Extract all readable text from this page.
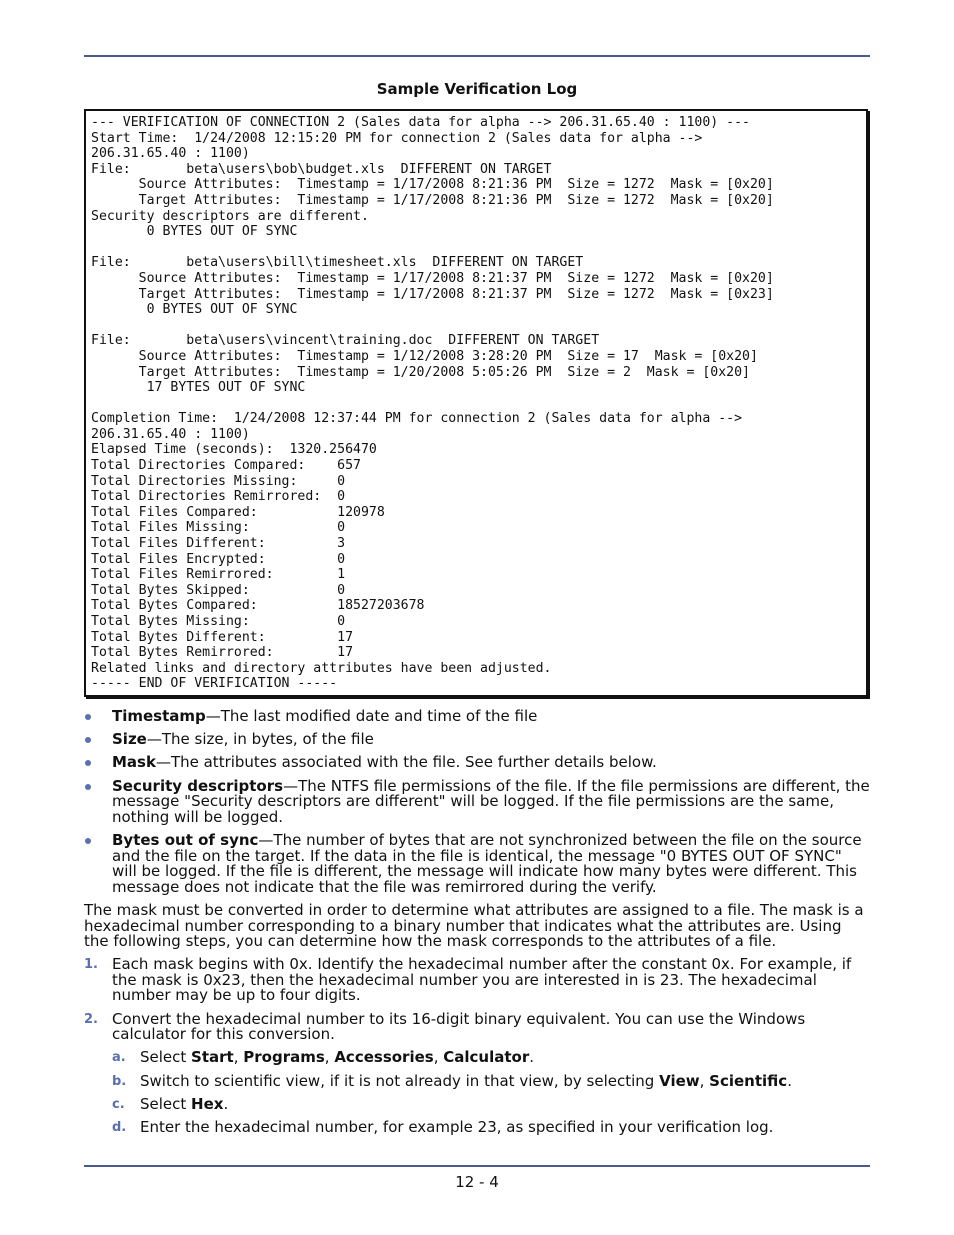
Sample Verification Log
--- VERIFICATION OF CONNECTION 2 (Sales data for alpha --> 206.31.65.40 : 1100) ---
Start Time:  1/24/2008 12:15:20 PM for connection 2 (Sales data for alpha -->
206.31.65.40 : 1100)
File:       beta\users\bob\budget.xls  DIFFERENT ON TARGET
Source Attributes:  Timestamp = 1/17/2008 8:21:36 PM  Size = 1272  Mask = [0x20]
Target Attributes:  Timestamp = 1/17/2008 8:21:36 PM  Size = 1272  Mask = [0x20]
Security descriptors are different.
0 BYTES OUT OF SYNC

File:       beta\users\bill\timesheet.xls  DIFFERENT ON TARGET
Source Attributes:  Timestamp = 1/17/2008 8:21:37 PM  Size = 1272  Mask = [0x20]
Target Attributes:  Timestamp = 1/17/2008 8:21:37 PM  Size = 1272  Mask = [0x23]
0 BYTES OUT OF SYNC

File:       beta\users\vincent\training.doc  DIFFERENT ON TARGET
Source Attributes:  Timestamp = 1/12/2008 3:28:20 PM  Size = 17  Mask = [0x20]
Target Attributes:  Timestamp = 1/20/2008 5:05:26 PM  Size = 2  Mask = [0x20]
17 BYTES OUT OF SYNC

Completion Time:  1/24/2008 12:37:44 PM for connection 2 (Sales data for alpha -->
206.31.65.40 : 1100)
Elapsed Time (seconds):  1320.256470
Total Directories Compared:    657
Total Directories Missing:     0
Total Directories Remirrored:  0
Total Files Compared:          120978
Total Files Missing:           0
Total Files Different:         3
Total Files Encrypted:         0
Total Files Remirrored:        1
Total Bytes Skipped:           0
Total Bytes Compared:          18527203678
Total Bytes Missing:           0
Total Bytes Different:         17
Total Bytes Remirrored:        17
Related links and directory attributes have been adjusted.
----- END OF VERIFICATION -----
Timestamp—The last modified date and time of the file
Size—The size, in bytes, of the file
Mask—The attributes associated with the file. See further details below.
Security descriptors—The NTFS file permissions of the file. If the file permissions are different, the message "Security descriptors are different" will be logged. If the file permissions are the same, nothing will be logged.
Bytes out of sync—The number of bytes that are not synchronized between the file on the source and the file on the target. If the data in the file is identical, the message "0 BYTES OUT OF SYNC" will be logged. If the file is different, the message will indicate how many bytes were different. This message does not indicate that the file was remirrored during the verify.

The mask must be converted in order to determine what attributes are assigned to a file. The mask is a hexadecimal number corresponding to a binary number that indicates what the attributes are. Using the following steps, you can determine how the mask corresponds to the attributes of a file.

1. Each mask begins with 0x. Identify the hexadecimal number after the constant 0x. For example, if the mask is 0x23, then the hexadecimal number you are interested in is 23. The hexadecimal number may be up to four digits.
2. Convert the hexadecimal number to its 16-digit binary equivalent. You can use the Windows calculator for this conversion.
a. Select Start, Programs, Accessories, Calculator.
b. Switch to scientific view, if it is not already in that view, by selecting View, Scientific.
c. Select Hex.
d. Enter the hexadecimal number, for example 23, as specified in your verification log.
12 - 4
